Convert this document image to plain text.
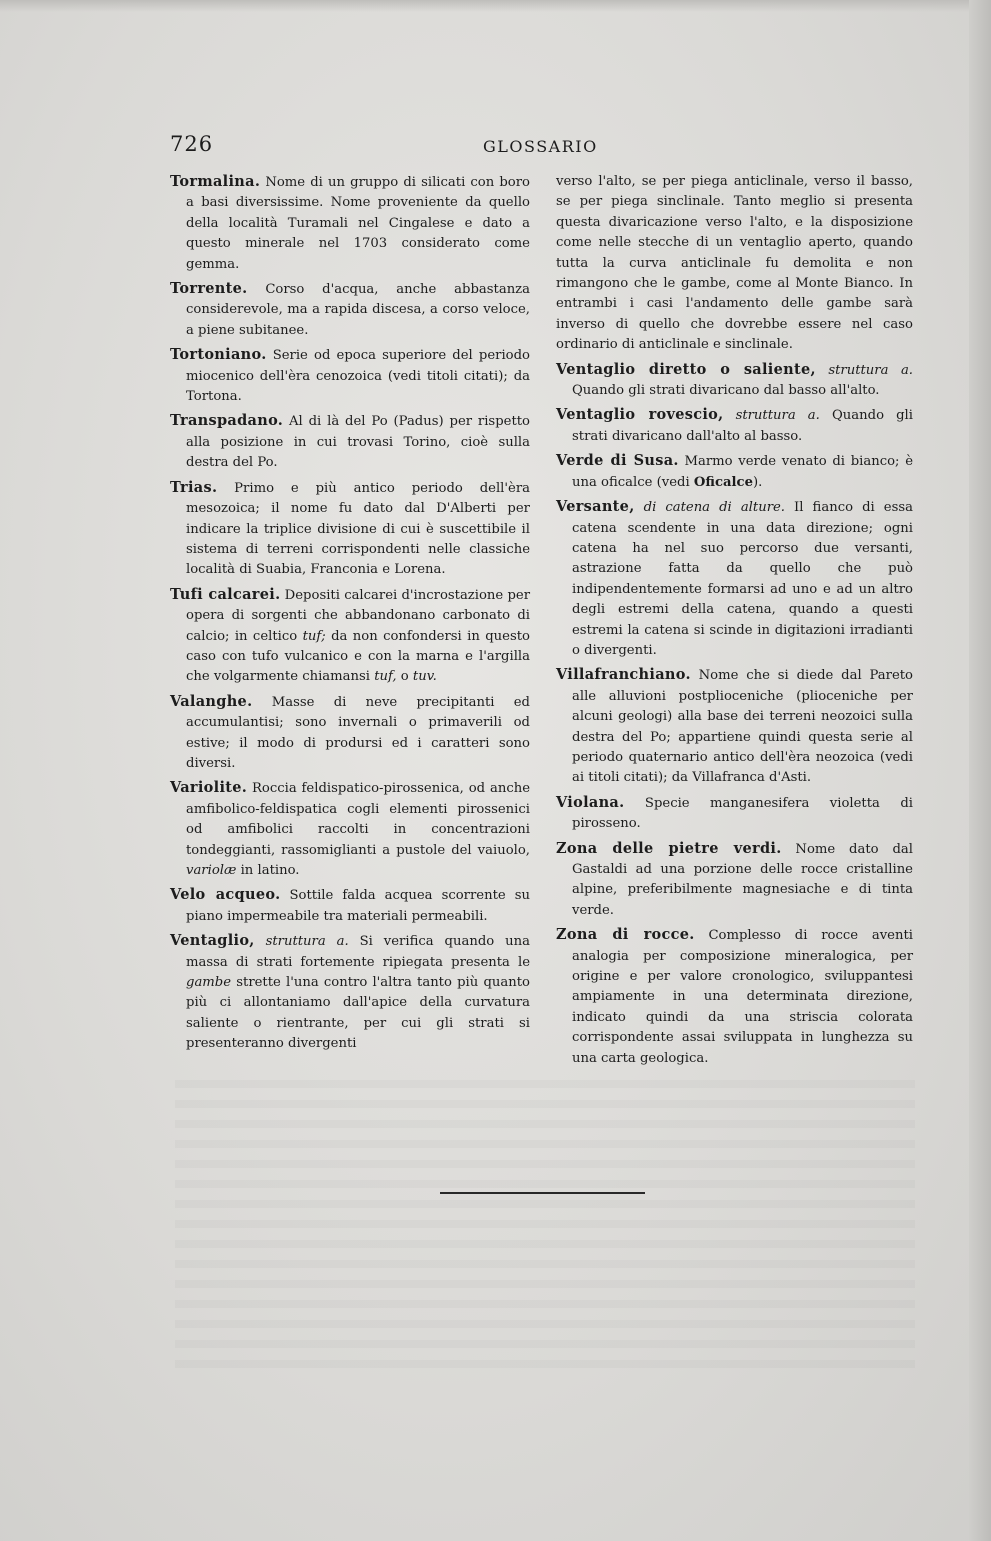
726	GLOSSARIO

Tormalina. Nome di un gruppo di silicati con boro a basi diversissime. Nome proveniente da quello della località Turamali nel Cingalese e dato a questo minerale nel 1703 considerato come gemma.

Torrente. Corso d'acqua, anche abbastanza considerevole, ma a rapida discesa, a corso veloce, a piene subitanee.

Tortoniano. Serie od epoca superiore del periodo miocenico dell'èra cenozoica (vedi titoli citati); da Tortona.

Transpadano. Al di là del Po (Padus) per rispetto alla posizione in cui trovasi Torino, cioè sulla destra del Po.

Trias. Primo e più antico periodo dell'èra mesozoica; il nome fu dato dal D'Alberti per indicare la triplice divisione di cui è suscettibile il sistema di terreni corrispondenti nelle classiche località di Suabia, Franconia e Lorena.

Tufi calcarei. Depositi calcarei d'incrostazione per opera di sorgenti che abbandonano carbonato di calcio; in celtico tuf; da non confondersi in questo caso con tufo vulcanico e con la marna e l'argilla che volgarmente chiamansi tuf, o tuv.

Valanghe. Masse di neve precipitanti ed accumulantisi; sono invernali o primaverili od estive; il modo di prodursi ed i caratteri sono diversi.

Variolite. Roccia feldispatico-pirossenica, od anche amfibolico-feldispatica cogli elementi pirossenici od amfibolici raccolti in concentrazioni tondeggianti, rassomiglianti a pustole del vaiuolo, variolæ in latino.

Velo acqueo. Sottile falda acquea scorrente su piano impermeabile tra materiali permeabili.

Ventaglio, struttura a. Si verifica quando una massa di strati fortemente ripiegata presenta le gambe strette l'una contro l'altra tanto più quanto più ci allontaniamo dall'apice della curvatura saliente o rientrante, per cui gli strati si presenteranno divergenti

verso l'alto, se per piega anticlinale, verso il basso, se per piega sinclinale. Tanto meglio si presenta questa divaricazione verso l'alto, e la disposizione come nelle stecche di un ventaglio aperto, quando tutta la curva anticlinale fu demolita e non rimangono che le gambe, come al Monte Bianco. In entrambi i casi l'andamento delle gambe sarà inverso di quello che dovrebbe essere nel caso ordinario di anticlinale e sinclinale.

Ventaglio diretto o saliente, struttura a. Quando gli strati divaricano dal basso all'alto.

Ventaglio rovescio, struttura a. Quando gli strati divaricano dall'alto al basso.

Verde di Susa. Marmo verde venato di bianco; è una oficalce (vedi Oficalce).

Versante, di catena di alture. Il fianco di essa catena scendente in una data direzione; ogni catena ha nel suo percorso due versanti, astrazione fatta da quello che può indipendentemente formarsi ad uno e ad un altro degli estremi della catena, quando a questi estremi la catena si scinde in digitazioni irradianti o divergenti.

Villafranchiano. Nome che si diede dal Pareto alle alluvioni postplioceniche (plioceniche per alcuni geologi) alla base dei terreni neozoici sulla destra del Po; appartiene quindi questa serie al periodo quaternario antico dell'èra neozoica (vedi ai titoli citati); da Villafranca d'Asti.

Violana. Specie manganesifera violetta di pirosseno.

Zona delle pietre verdi. Nome dato dal Gastaldi ad una porzione delle rocce cristalline alpine, preferibilmente magnesiache e di tinta verde.

Zona di rocce. Complesso di rocce aventi analogia per composizione mineralogica, per origine e per valore cronologico, sviluppantesi ampiamente in una determinata direzione, indicato quindi da una striscia colorata corrispondente assai sviluppata in lunghezza su una carta geologica.
